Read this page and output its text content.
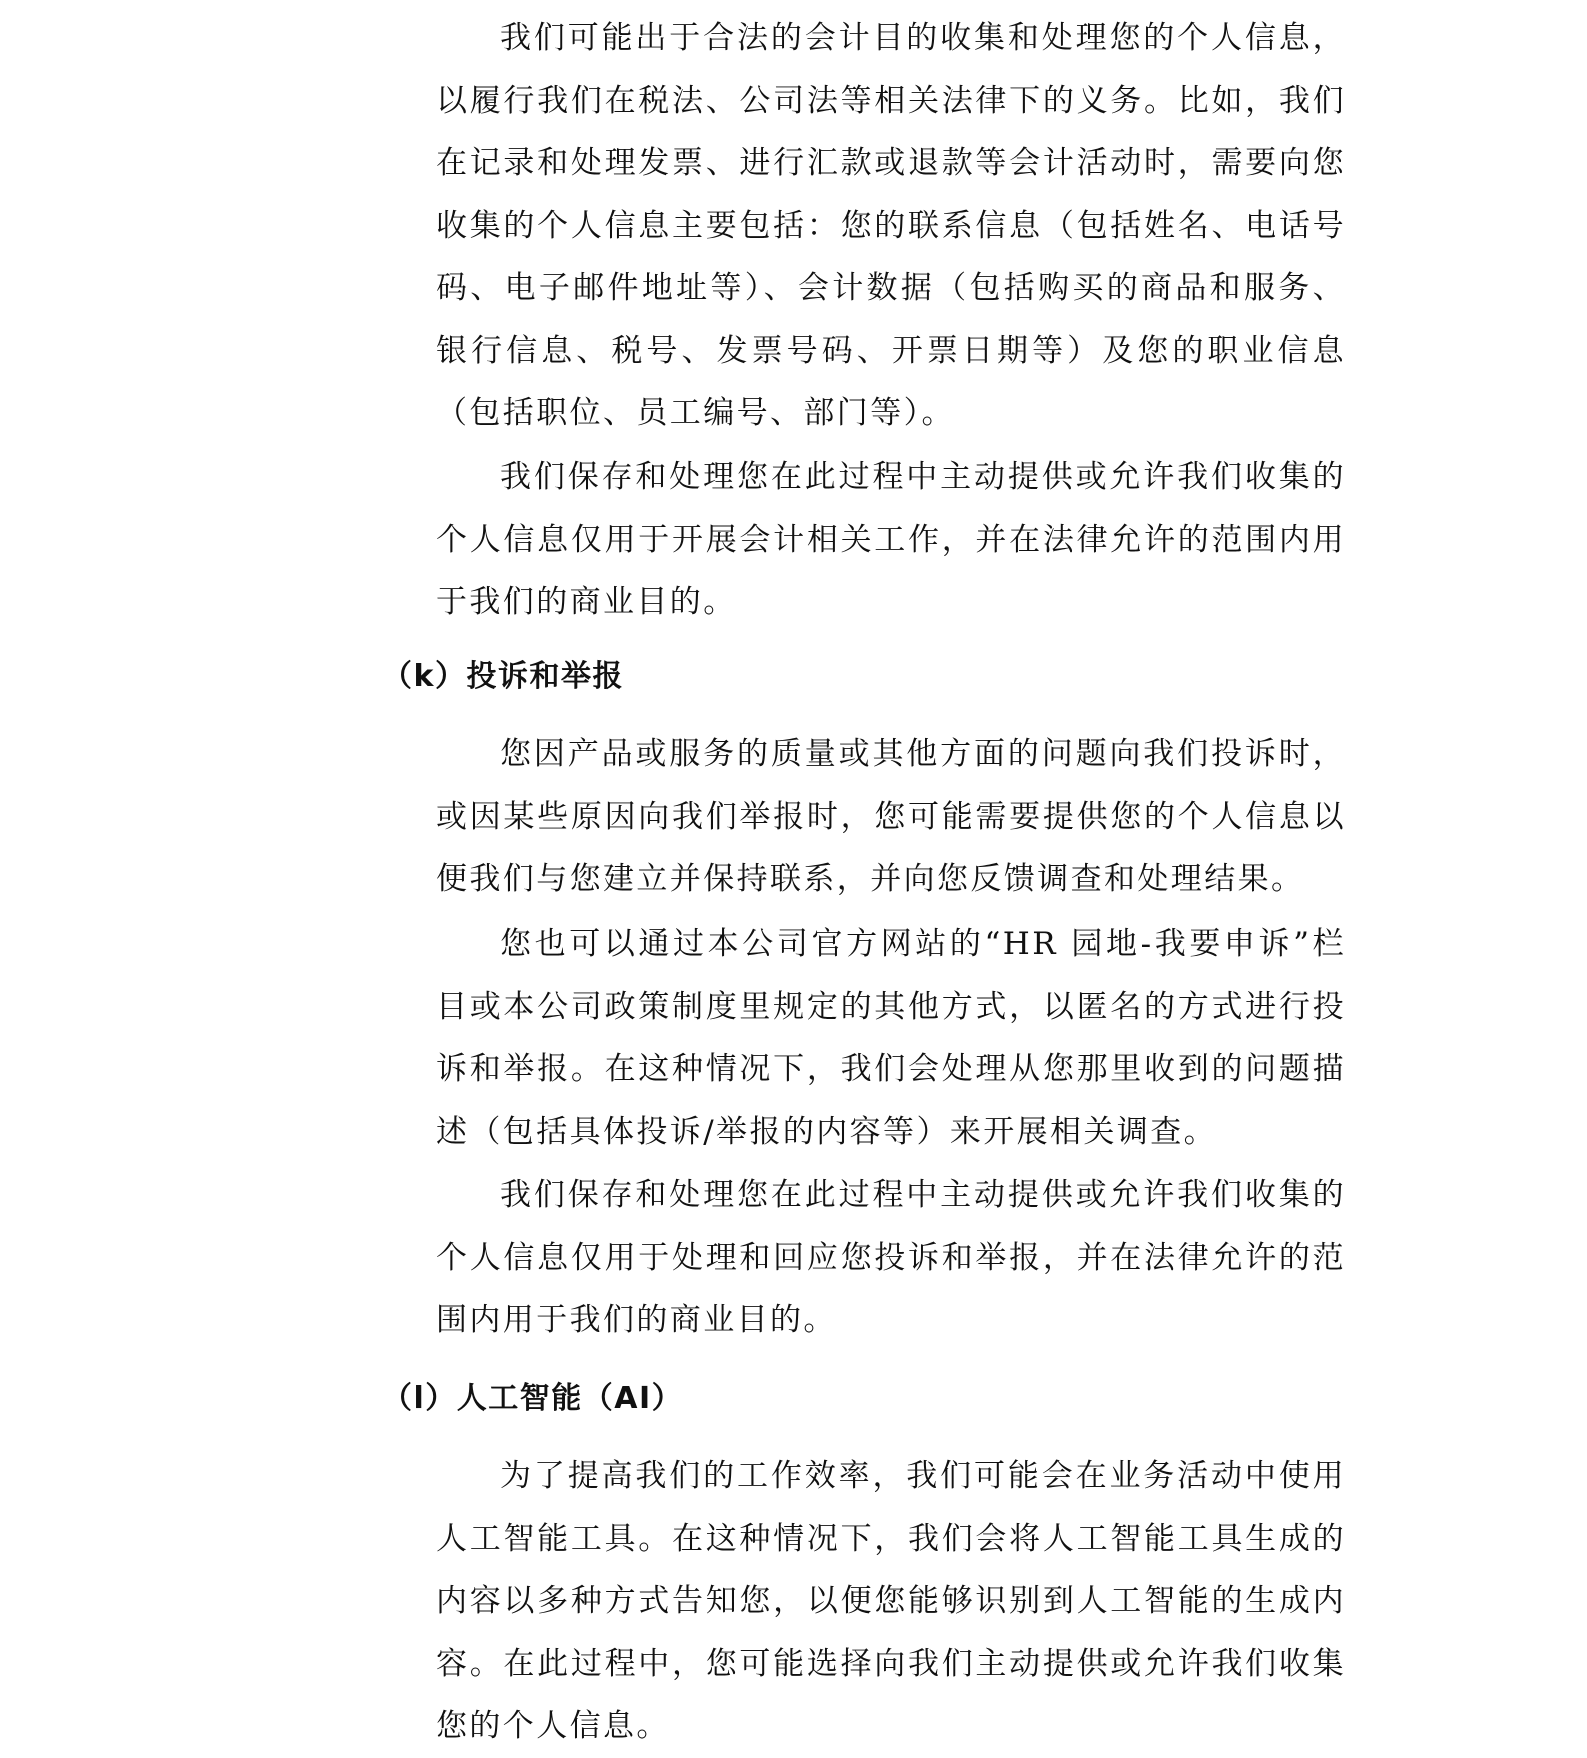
我们可能出于合法的会计目的收集和处理您的个人信息，以履行我们在税法、公司法等相关法律下的义务。比如，我们在记录和处理发票、进行汇款或退款等会计活动时，需要向您收集的个人信息主要包括：您的联系信息（包括姓名、电话号码、电子邮件地址等）、会计数据（包括购买的商品和服务、银行信息、税号、发票号码、开票日期等）及您的职业信息（包括职位、员工编号、部门等）。

我们保存和处理您在此过程中主动提供或允许我们收集的个人信息仅用于开展会计相关工作，并在法律允许的范围内用于我们的商业目的。

（k）投诉和举报

您因产品或服务的质量或其他方面的问题向我们投诉时，或因某些原因向我们举报时，您可能需要提供您的个人信息以便我们与您建立并保持联系，并向您反馈调查和处理结果。

您也可以通过本公司官方网站的“HR 园地-我要申诉”栏目或本公司政策制度里规定的其他方式，以匿名的方式进行投诉和举报。在这种情况下，我们会处理从您那里收到的问题描述（包括具体投诉/举报的内容等）来开展相关调查。

我们保存和处理您在此过程中主动提供或允许我们收集的个人信息仅用于处理和回应您投诉和举报，并在法律允许的范围内用于我们的商业目的。

（l）人工智能（AI）

为了提高我们的工作效率，我们可能会在业务活动中使用人工智能工具。在这种情况下，我们会将人工智能工具生成的内容以多种方式告知您，以便您能够识别到人工智能的生成内容。在此过程中，您可能选择向我们主动提供或允许我们收集您的个人信息。
